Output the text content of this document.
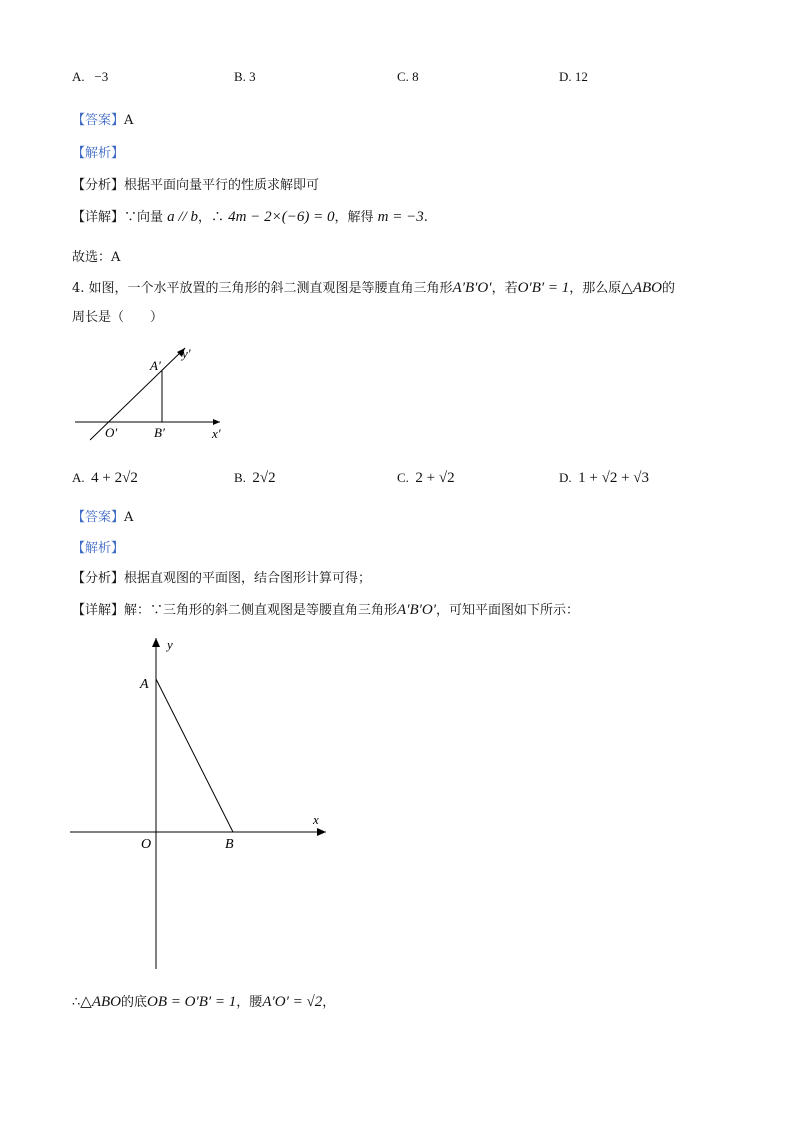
A. −3	B. 3	C. 8	D. 12
【答案】A
【解析】
【分析】根据平面向量平行的性质求解即可
【详解】∵向量 a // b，∴ 4m − 2×(−6) = 0，解得 m = −3.
故选：A
4. 如图，一个水平放置的三角形的斜二测直观图是等腰直角三角形A′B′O′，若O′B′ = 1，那么原△ABO的
周长是（　　）
A′
y′
O′	B′	x′
A. 4 + 2√2	B. 2√2	C. 2 + √2	D. 1 + √2 + √3
【答案】A
【解析】
【分析】根据直观图的平面图，结合图形计算可得；
【详解】解：∵三角形的斜二侧直观图是等腰直角三角形A′B′O′，可知平面图如下所示：
y
A
O	B
x
∴△ABO的底OB = O′B′ = 1，腰A′O′ = √2，
